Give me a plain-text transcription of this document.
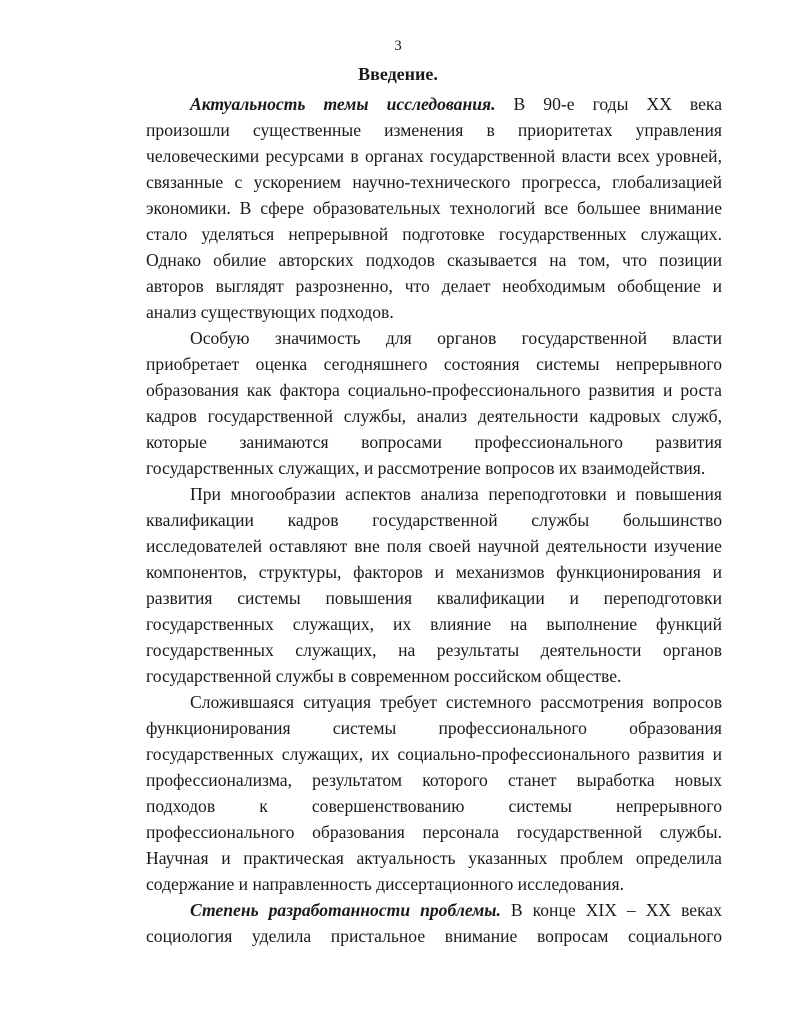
3
Введение.
Актуальность темы исследования. В 90-е годы XX века
произошли существенные изменения в приоритетах управления
человеческими ресурсами в органах государственной власти всех уровней,
связанные с ускорением научно-технического прогресса, глобализацией
экономики. В сфере образовательных технологий все большее внимание
стало уделяться непрерывной подготовке государственных служащих.
Однако обилие авторских подходов сказывается на том, что позиции
авторов выглядят разрозненно, что делает необходимым обобщение и
анализ существующих подходов.
Особую значимость для органов государственной власти
приобретает оценка сегодняшнего состояния системы непрерывного
образования как фактора социально-профессионального развития и роста
кадров государственной службы, анализ деятельности кадровых служб,
которые занимаются вопросами профессионального развития
государственных служащих, и рассмотрение вопросов их взаимодействия.
При многообразии аспектов анализа переподготовки и повышения
квалификации кадров государственной службы большинство
исследователей оставляют вне поля своей научной деятельности изучение
компонентов, структуры, факторов и механизмов функционирования и
развития системы повышения квалификации и переподготовки
государственных служащих, их влияние на выполнение функций
государственных служащих, на результаты деятельности органов
государственной службы в современном российском обществе.
Сложившаяся ситуация требует системного рассмотрения вопросов
функционирования системы профессионального образования
государственных служащих, их социально-профессионального развития и
профессионализма, результатом которого станет выработка новых
подходов к совершенствованию системы непрерывного
профессионального образования персонала государственной службы.
Научная и практическая актуальность указанных проблем определила
содержание и направленность диссертационного исследования.
Степень разработанности проблемы. В конце XIX – XX веках
социология уделила пристальное внимание вопросам социального
